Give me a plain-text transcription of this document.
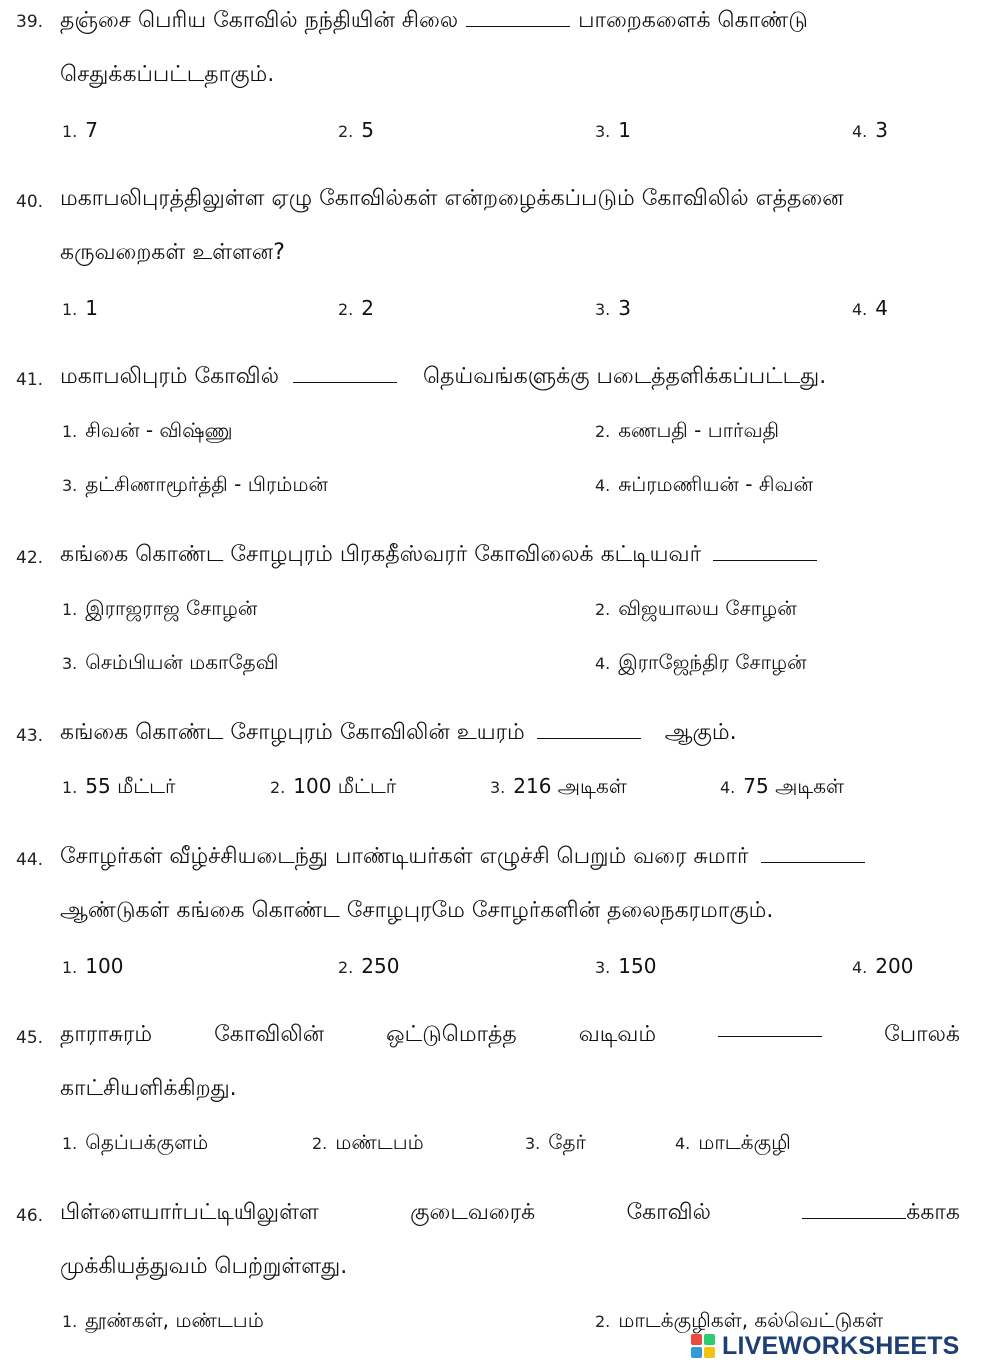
39. தஞ்சை பெரிய கோவில் நந்தியின் சிலை	பாறைகளைக் கொண்டு
செதுக்கப்பட்டதாகும்.
1. 7	2. 5	3. 1	4. 3
40. மகாபலிபுரத்திலுள்ள ஏழு கோவில்கள் என்றழைக்கப்படும் கோவிலில் எத்தனை
கருவறைகள் உள்ளன?
1. 1	2. 2	3. 3	4. 4
41. மகாபலிபுரம் கோவில்	தெய்வங்களுக்கு படைத்தளிக்கப்பட்டது.
1. சிவன் - விஷ்ணு	2. கணபதி - பார்வதி
3. தட்சிணாமூர்த்தி - பிரம்மன்	4. சுப்ரமணியன் - சிவன்
42. கங்கை கொண்ட சோழபுரம் பிரகதீஸ்வரர் கோவிலைக் கட்டியவர்
1. இராஜராஜ சோழன்	2. விஜயாலய சோழன்
3. செம்பியன் மகாதேவி	4. இராஜேந்திர சோழன்
43. கங்கை கொண்ட சோழபுரம் கோவிலின் உயரம்	ஆகும்.
1. 55 மீட்டர்	2. 100 மீட்டர்	3. 216 அடிகள்	4. 75 அடிகள்
44. சோழர்கள் வீழ்ச்சியடைந்து பாண்டியர்கள் எழுச்சி பெறும் வரை சுமார்
ஆண்டுகள் கங்கை கொண்ட சோழபுரமே சோழர்களின் தலைநகரமாகும்.
1. 100	2. 250	3. 150	4. 200
45. தாராசுரம்	கோவிலின்	ஒட்டுமொத்த	வடிவம்	போலக்
காட்சியளிக்கிறது.
1. தெப்பக்குளம்	2. மண்டபம்	3. தேர்	4. மாடக்குழி
46. பிள்ளையார்பட்டியிலுள்ள	குடைவரைக்	கோவில்	க்காக
முக்கியத்துவம் பெற்றுள்ளது.
1. தூண்கள், மண்டபம்	2. மாடக்குழிகள், கல்வெட்டுகள்
LIVEWORKSHEETS
